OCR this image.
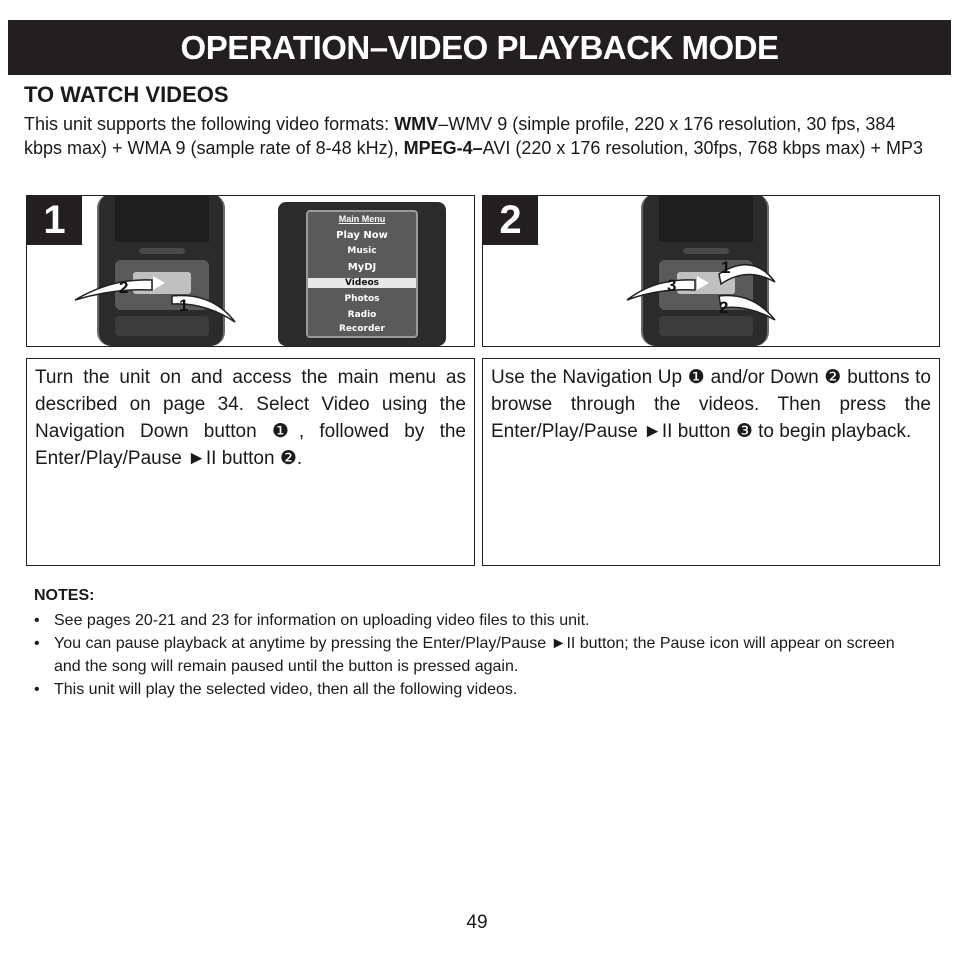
OPERATION–VIDEO PLAYBACK MODE
TO WATCH VIDEOS

This unit supports the following video formats: WMV–WMV 9 (simple profile, 220 x 176 resolution, 30 fps, 384 kbps max) + WMA 9 (sample rate of 8-48 kHz), MPEG-4–AVI (220 x 176 resolution, 30fps, 768 kbps max) + MP3

1
2
1
Main Menu
Play Now
Music
MyDJ
Videos
Photos
Radio
Recorder
2
1
3
2
Turn the unit on and access the main menu as described on page 34. Select Video using the Navigation Down button ❶, followed by the Enter/Play/Pause ►II button ❷.
Use the Navigation Up ❶ and/or Down ❷ buttons to browse through the videos. Then press the Enter/Play/Pause ►II button ❸ to begin playback.
NOTES:
• See pages 20-21 and 23 for information on uploading video files to this unit.
• You can pause playback at anytime by pressing the Enter/Play/Pause ►II button; the Pause icon will appear on screen and the song will remain paused until the button is pressed again.
• This unit will play the selected video, then all the following videos.
49
